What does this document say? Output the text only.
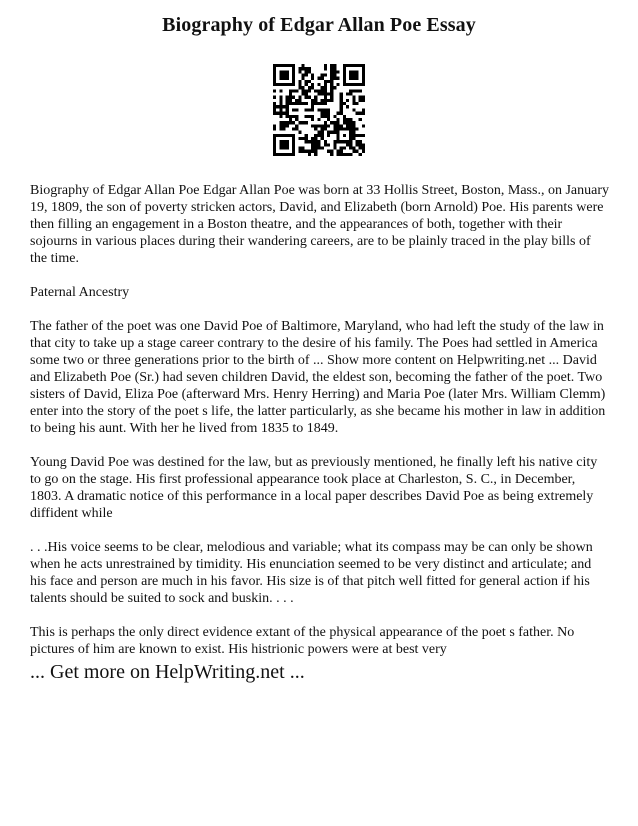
Biography of Edgar Allan Poe Essay

Biography of Edgar Allan Poe Edgar Allan Poe was born at 33 Hollis Street, Boston, Mass., on January 19, 1809, the son of poverty stricken actors, David, and Elizabeth (born Arnold) Poe. His parents were then filling an engagement in a Boston theatre, and the appearances of both, together with their sojourns in various places during their wandering careers, are to be plainly traced in the play bills of the time.

Paternal Ancestry

The father of the poet was one David Poe of Baltimore, Maryland, who had left the study of the law in that city to take up a stage career contrary to the desire of his family. The Poes had settled in America some two or three generations prior to the birth of ... Show more content on Helpwriting.net ... David and Elizabeth Poe (Sr.) had seven children David, the eldest son, becoming the father of the poet. Two sisters of David, Eliza Poe (afterward Mrs. Henry Herring) and Maria Poe (later Mrs. William Clemm) enter into the story of the poet s life, the latter particularly, as she became his mother in law in addition to being his aunt. With her he lived from 1835 to 1849.

Young David Poe was destined for the law, but as previously mentioned, he finally left his native city to go on the stage. His first professional appearance took place at Charleston, S. C., in December, 1803. A dramatic notice of this performance in a local paper describes David Poe as being extremely diffident while

. . .His voice seems to be clear, melodious and variable; what its compass may be can only be shown when he acts unrestrained by timidity. His enunciation seemed to be very distinct and articulate; and his face and person are much in his favor. His size is of that pitch well fitted for general action if his talents should be suited to sock and buskin. . . .

This is perhaps the only direct evidence extant of the physical appearance of the poet s father. No pictures of him are known to exist. His histrionic powers were at best very

... Get more on HelpWriting.net ...
